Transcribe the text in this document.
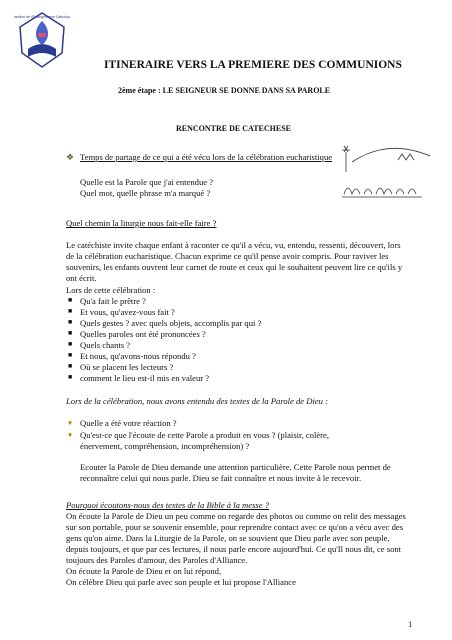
Direction de l'Enseignement Catholique
ITINERAIRE VERS LA PREMIERE DES COMMUNIONS
2ème étape : LE SEIGNEUR SE DONNE DANS SA PAROLE
RENCONTRE DE CATECHESE
❖ Temps de partage de ce qui a été vécu lors de la célébration eucharistique
Quelle est la Parole que j'ai entendue ?
Quel mot, quelle phrase m'a marqué ?
Quel chemin la liturgie nous fait-elle faire ?
Le catéchiste invite chaque enfant à raconter ce qu'il a vécu, vu, entendu, ressenti, découvert, lors
de la célébration eucharistique. Chacun exprime ce qu'il pense avoir compris. Pour raviver les
souvenirs, les enfants ouvrent leur carnet de route et ceux qui le souhaitent peuvent lire ce qu'ils y
ont écrit.
Lors de cette célébration :
■ Qu'a fait le prêtre ?
■ Et vous, qu'avez-vous fait ?
■ Quels gestes ? avec quels objets, accomplis par qui ?
■ Quelles paroles ont été prononcées ?
■ Quels chants ?
■ Et nous, qu'avons-nous répondu ?
■ Où se placent les lecteurs ?
■ comment le lieu est-il mis en valeur ?
Lors de la célébration, nous avons entendu des textes de la Parole de Dieu :
♦ Quelle a été votre réaction ?
♦ Qu'est-ce que l'écoute de cette Parole a produit en vous ? (plaisir, colère,
énervement, compréhension, incompréhension) ?
Ecouter la Parole de Dieu demande une attention particulière. Cette Parole nous permet de
reconnaître celui qui nous parle. Dieu se fait connaître et nous invite à le recevoir.
Pourquoi écoutons-nous des textes de la Bible à la messe ?
On écoute la Parole de Dieu un peu comme on regarde des photos ou comme on relit des messages
sur son portable, pour se souvenir ensemble, pour reprendre contact avec ce qu'on a vécu avec des
gens qu'on aime. Dans la Liturgie de la Parole, on se souvient que Dieu parle avec son peuple,
depuis toujours, et que par ces lectures, il nous parle encore aujourd'hui. Ce qu'Il nous dit, ce sont
toujours des Paroles d'amour, des Paroles d'Alliance.
On écoute la Parole de Dieu et on lui répond,
On célèbre Dieu qui parle avec son peuple et lui propose l'Alliance
1
